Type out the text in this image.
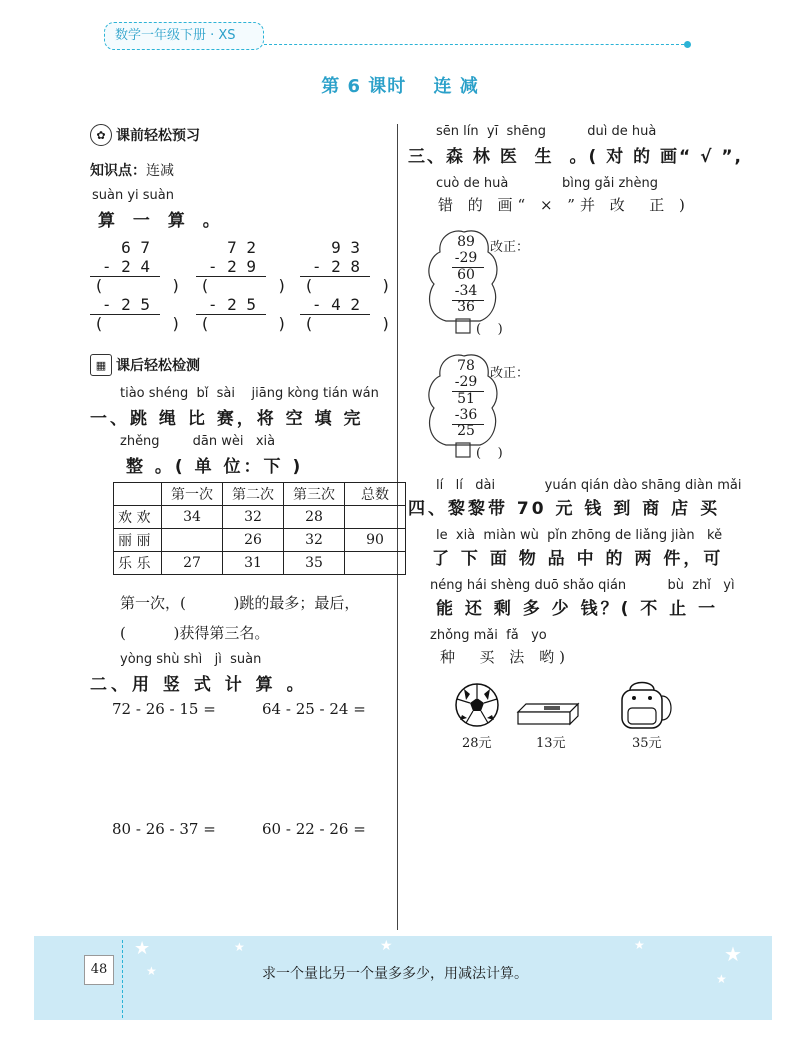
数学一年级下册 · XS
第 6 课时 连 减
✿ 课前轻松预习
知识点：连减
suàn yi suàn
算 一 算 。
6 7
- 2 4
(       )
- 2 5
(       )
7 2
- 2 9
(       )
- 2 5
(       )
9 3
- 2 8
(       )
- 4 2
(       )
▦ 课后轻松检测
tiào shéng  bǐ  sài    jiāng kòng tián wán
一、跳 绳 比 赛，将 空 填 完
zhěng        dān wèi   xià
整 。( 单 位：下 )
	第一次	第二次	第三次	总数
欢 欢	34	32	28	
丽 丽		26	32	90
乐 乐	27	31	35	
第一次，(          )跳的最多；最后，
(          )获得第三名。
yòng shù shì   jì  suàn
二、用 竖 式 计 算 。
72 - 26 - 15 =	64 - 25 - 24 =
80 - 26 - 37 =	60 - 22 - 26 =
sēn lín  yī  shēng          duì de huà
三、森 林 医  生  。( 对 的 画“ √ ”,
cuò de huà             bìng gǎi zhèng
错 的 画“ × ”并 改  正 )
89
-29
60
-34
36
改正：
(    )
78
-29
51
-36
25
改正：
(    )
lí   lí   dài            yuán qián dào shāng diàn mǎi
四、黎黎带 70 元 钱 到 商 店 买
le  xià  miàn wù  pǐn zhōng de liǎng jiàn   kě
了 下 面 物 品 中 的 两 件，可
néng hái shèng duō shǎo qián          bù  zhǐ   yì
能 还 剩 多 少 钱？( 不 止 一
zhǒng mǎi  fǎ   yo
种  买 法 哟)
28元	13元	35元
★
★
★	★	★	★
★
48	求一个量比另一个量多多少，用减法计算。
